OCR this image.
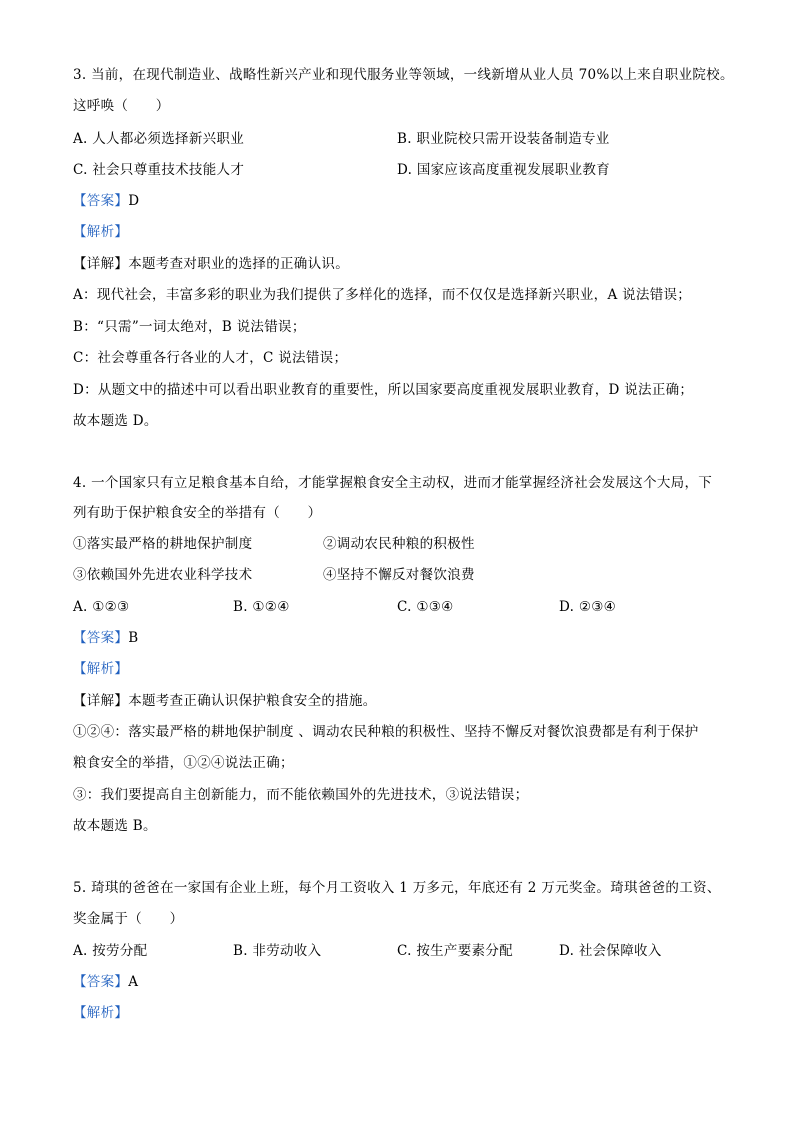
3. 当前，在现代制造业、战略性新兴产业和现代服务业等领域，一线新增从业人员 70%以上来自职业院校。
这呼唤（　　）
A. 人人都必须选择新兴职业	B. 职业院校只需开设装备制造专业
C. 社会只尊重技术技能人才	D. 国家应该高度重视发展职业教育
【答案】D
【解析】
【详解】本题考查对职业的选择的正确认识。
A：现代社会，丰富多彩的职业为我们提供了多样化的选择，而不仅仅是选择新兴职业，A 说法错误；
B：“只需”一词太绝对，B 说法错误；
C：社会尊重各行各业的人才，C 说法错误；
D：从题文中的描述中可以看出职业教育的重要性，所以国家要高度重视发展职业教育，D 说法正确；
故本题选 D。
4. 一个国家只有立足粮食基本自给，才能掌握粮食安全主动权，进而才能掌握经济社会发展这个大局，下
列有助于保护粮食安全的举措有（　　）
①落实最严格的耕地保护制度	②调动农民种粮的积极性
③依赖国外先进农业科学技术	④坚持不懈反对餐饮浪费
A. ①②③	B. ①②④	C. ①③④	D. ②③④
【答案】B
【解析】
【详解】本题考查正确认识保护粮食安全的措施。
①②④：落实最严格的耕地保护制度 、调动农民种粮的积极性、坚持不懈反对餐饮浪费都是有利于保护
粮食安全的举措，①②④说法正确；
③：我们要提高自主创新能力，而不能依赖国外的先进技术，③说法错误；
故本题选 B。
5. 琦琪的爸爸在一家国有企业上班，每个月工资收入 1 万多元，年底还有 2 万元奖金。琦琪爸爸的工资、
奖金属于（　　）
A. 按劳分配	B. 非劳动收入	C. 按生产要素分配	D. 社会保障收入
【答案】A
【解析】
